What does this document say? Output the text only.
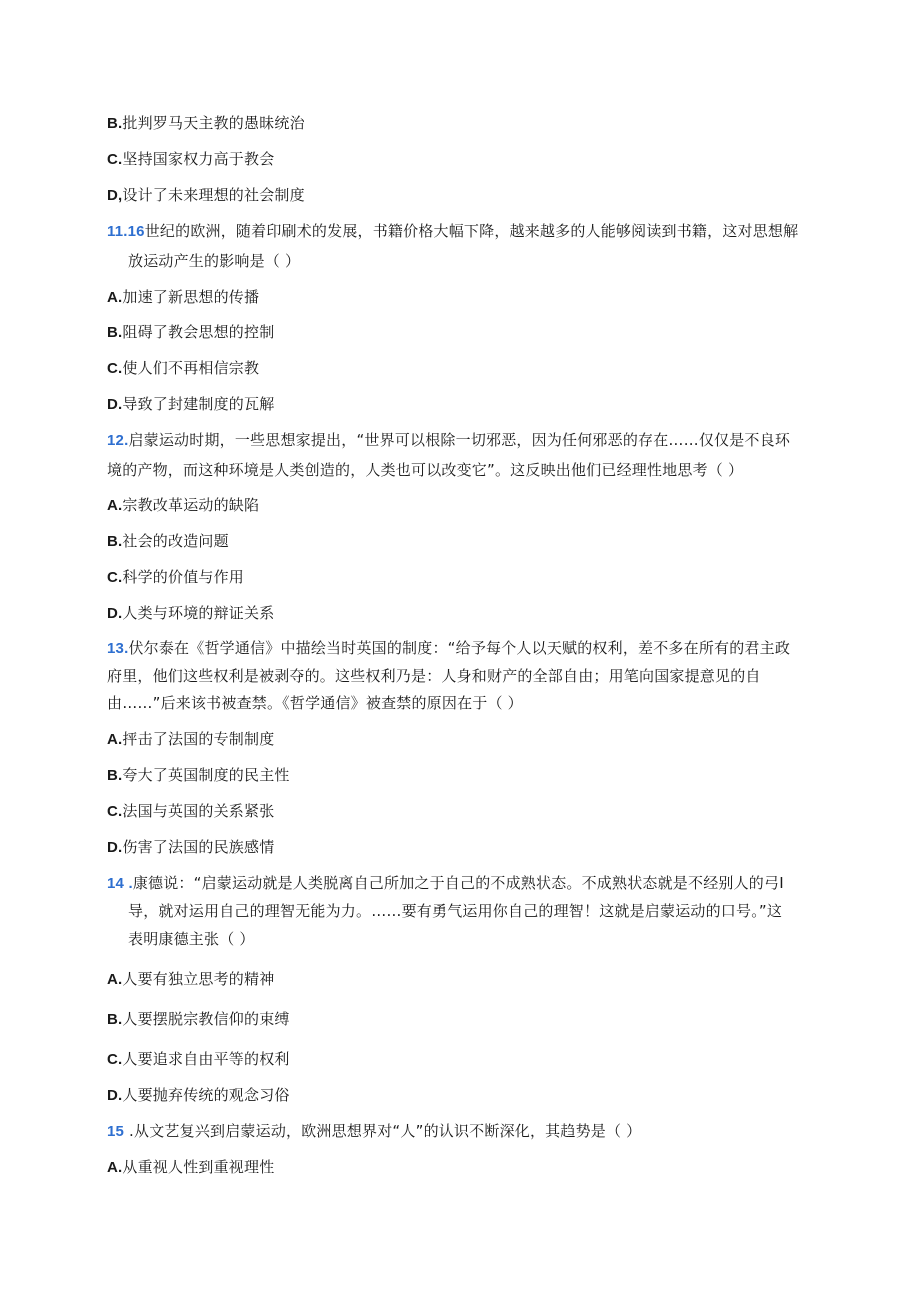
B.批判罗马天主教的愚昧统治
C.坚持国家权力高于教会
D,设计了未来理想的社会制度
11.16世纪的欧洲，随着印刷术的发展，书籍价格大幅下降，越来越多的人能够阅读到书籍，这对思想解
放运动产生的影响是（ ）
A.加速了新思想的传播
B.阻碍了教会思想的控制
C.使人们不再相信宗教
D.导致了封建制度的瓦解
12.启蒙运动时期，一些思想家提出，“世界可以根除一切邪恶，因为任何邪恶的存在……仅仅是不良环
境的产物，而这种环境是人类创造的，人类也可以改变它”。这反映出他们已经理性地思考（ ）
A.宗教改革运动的缺陷
B.社会的改造问题
C.科学的价值与作用
D.人类与环境的辩证关系
13.伏尔泰在《哲学通信》中描绘当时英国的制度：“给予每个人以天赋的权利，差不多在所有的君主政
府里，他们这些权利是被剥夺的。这些权利乃是：人身和财产的全部自由；用笔向国家提意见的自
由……”后来该书被查禁。《哲学通信》被查禁的原因在于（ ）
A.抨击了法国的专制制度
B.夸大了英国制度的民主性
C.法国与英国的关系紧张
D.伤害了法国的民族感情
14 .康德说：“启蒙运动就是人类脱离自己所加之于自己的不成熟状态。不成熟状态就是不经别人的弓I
导，就对运用自己的理智无能为力。……要有勇气运用你自己的理智！这就是启蒙运动的口号。”这
表明康德主张（ ）
A.人要有独立思考的精神
B.人要摆脱宗教信仰的束缚
C.人要追求自由平等的权利
D.人要抛弃传统的观念习俗
15 .从文艺复兴到启蒙运动，欧洲思想界对“人”的认识不断深化，其趋势是（ ）
A.从重视人性到重视理性
